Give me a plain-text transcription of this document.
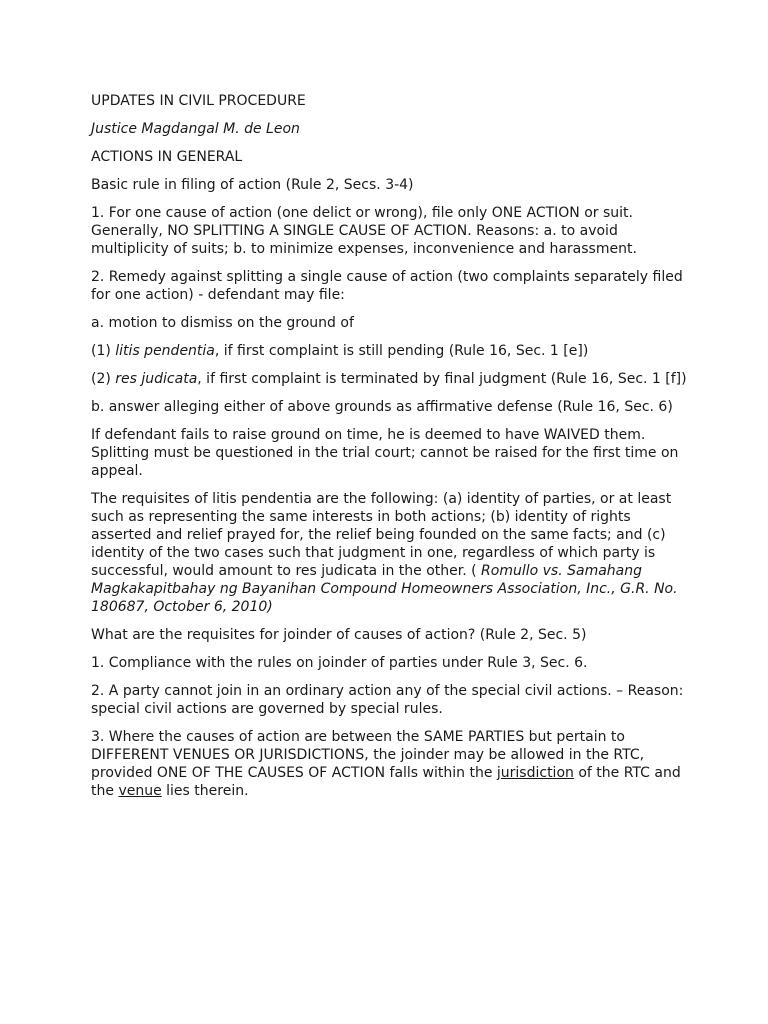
UPDATES IN CIVIL PROCEDURE

Justice Magdangal M. de Leon

ACTIONS IN GENERAL

Basic rule in filing of action (Rule 2, Secs. 3-4)

1. For one cause of action (one delict or wrong), file only ONE ACTION or suit. Generally, NO SPLITTING A SINGLE CAUSE OF ACTION. Reasons: a. to avoid multiplicity of suits; b. to minimize expenses, inconvenience and harassment.

2. Remedy against splitting a single cause of action (two complaints separately filed for one action) - defendant may file:

a. motion to dismiss on the ground of

(1) litis pendentia, if first complaint is still pending (Rule 16, Sec. 1 [e])

(2) res judicata, if first complaint is terminated by final judgment (Rule 16, Sec. 1 [f])

b. answer alleging either of above grounds as affirmative defense (Rule 16, Sec. 6)

If defendant fails to raise ground on time, he is deemed to have WAIVED them. Splitting must be questioned in the trial court; cannot be raised for the first time on appeal.

The requisites of litis pendentia are the following: (a) identity of parties, or at least such as representing the same interests in both actions; (b) identity of rights asserted and relief prayed for, the relief being founded on the same facts; and (c) identity of the two cases such that judgment in one, regardless of which party is successful, would amount to res judicata in the other. ( Romullo vs. Samahang Magkakapitbahay ng Bayanihan Compound Homeowners Association, Inc., G.R. No. 180687, October 6, 2010)

What are the requisites for joinder of causes of action? (Rule 2, Sec. 5)

1. Compliance with the rules on joinder of parties under Rule 3, Sec. 6.

2. A party cannot join in an ordinary action any of the special civil actions. – Reason: special civil actions are governed by special rules.

3. Where the causes of action are between the SAME PARTIES but pertain to DIFFERENT VENUES OR JURISDICTIONS, the joinder may be allowed in the RTC, provided ONE OF THE CAUSES OF ACTION falls within the jurisdiction of the RTC and the venue lies therein.
